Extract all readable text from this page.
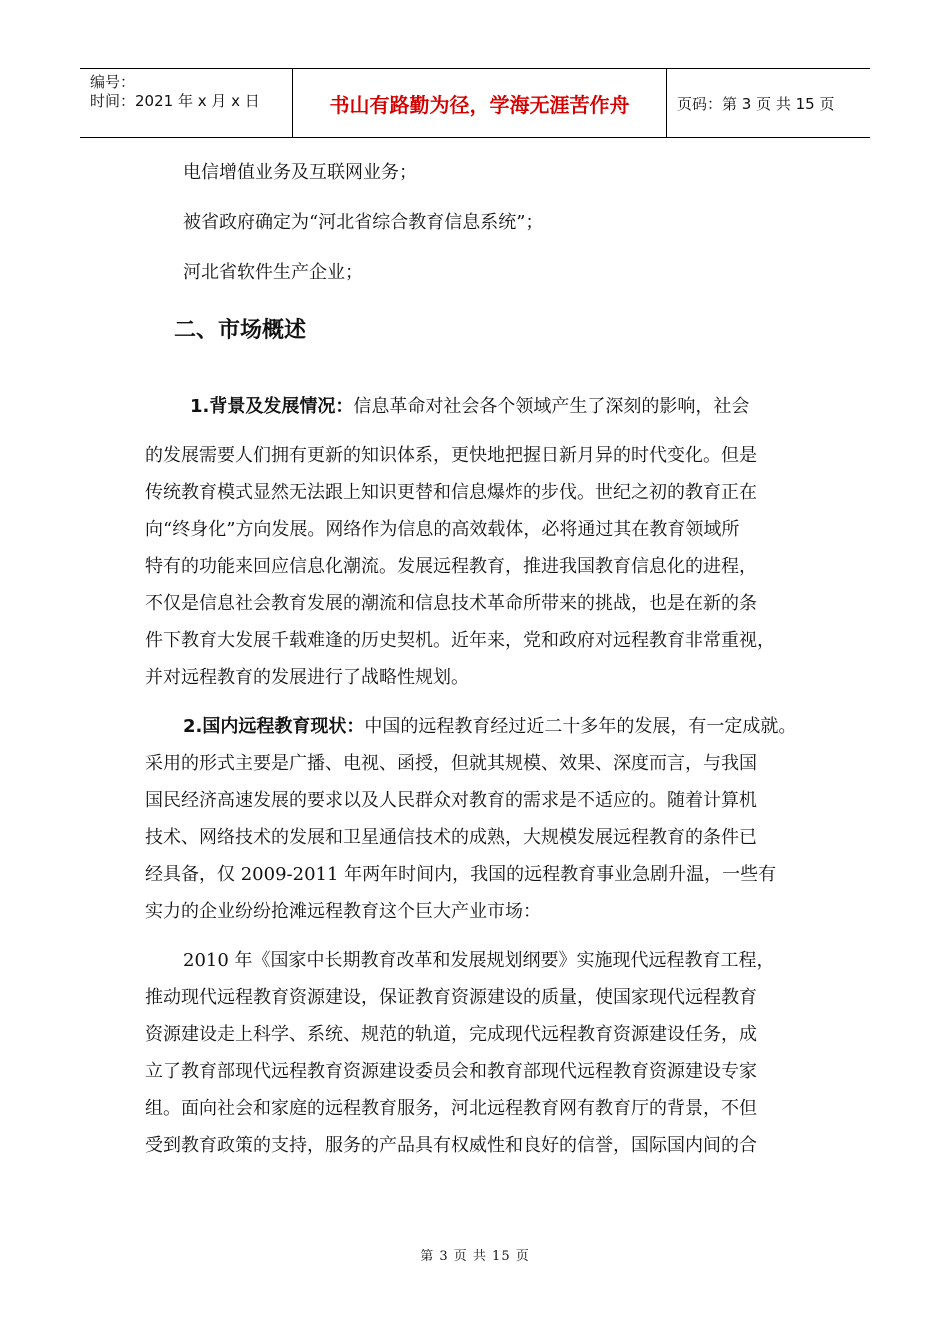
编号：
时间：2021 年 x 月 x 日	书山有路勤为径，学海无涯苦作舟	页码：第 3 页 共 15 页
电信增值业务及互联网业务；
被省政府确定为“河北省综合教育信息系统”；
河北省软件生产企业；
二、市场概述
1.背景及发展情况：信息革命对社会各个领域产生了深刻的影响，社会
的发展需要人们拥有更新的知识体系，更快地把握日新月异的时代变化。但是
传统教育模式显然无法跟上知识更替和信息爆炸的步伐。世纪之初的教育正在
向“终身化”方向发展。网络作为信息的高效载体，必将通过其在教育领域所
特有的功能来回应信息化潮流。发展远程教育，推进我国教育信息化的进程，
不仅是信息社会教育发展的潮流和信息技术革命所带来的挑战，也是在新的条
件下教育大发展千载难逢的历史契机。近年来，党和政府对远程教育非常重视，
并对远程教育的发展进行了战略性规划。
2.国内远程教育现状：中国的远程教育经过近二十多年的发展，有一定成就。
采用的形式主要是广播、电视、函授，但就其规模、效果、深度而言，与我国
国民经济高速发展的要求以及人民群众对教育的需求是不适应的。随着计算机
技术、网络技术的发展和卫星通信技术的成熟，大规模发展远程教育的条件已
经具备，仅 2009-2011 年两年时间内，我国的远程教育事业急剧升温，一些有
实力的企业纷纷抢滩远程教育这个巨大产业市场：
2010 年《国家中长期教育改革和发展规划纲要》实施现代远程教育工程，
推动现代远程教育资源建设，保证教育资源建设的质量，使国家现代远程教育
资源建设走上科学、系统、规范的轨道，完成现代远程教育资源建设任务，成
立了教育部现代远程教育资源建设委员会和教育部现代远程教育资源建设专家
组。面向社会和家庭的远程教育服务，河北远程教育网有教育厅的背景，不但
受到教育政策的支持，服务的产品具有权威性和良好的信誉，国际国内间的合
第 3 页 共 15 页
